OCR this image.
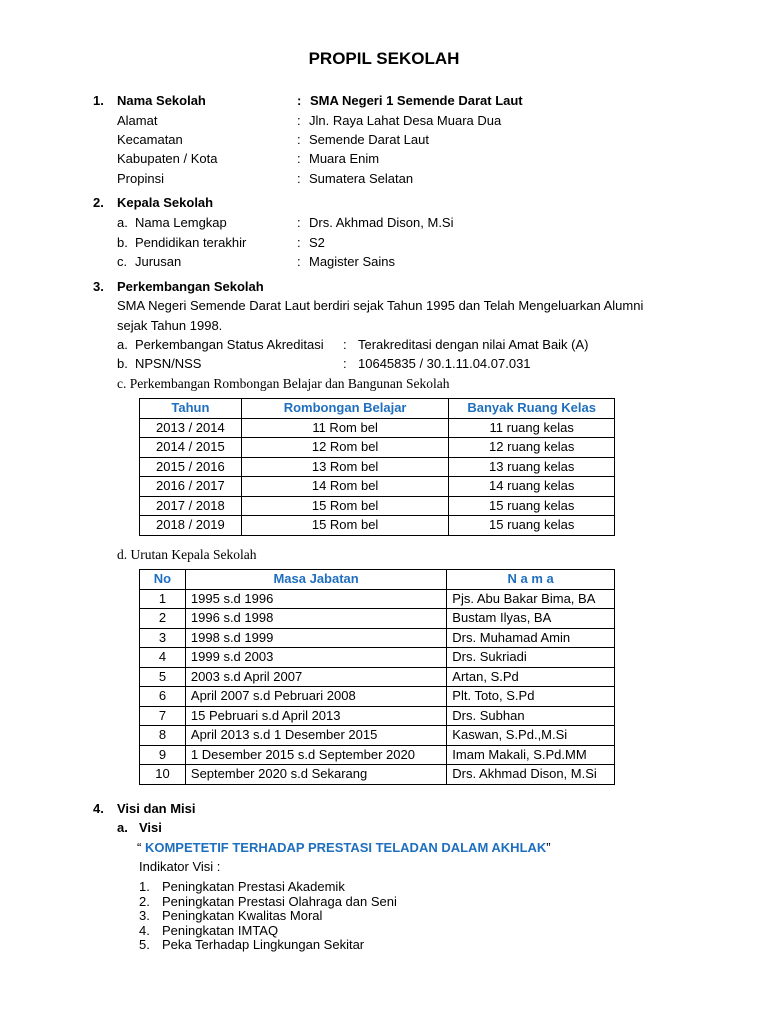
PROPIL SEKOLAH
1. Nama Sekolah	: SMA Negeri 1 Semende Darat Laut
Alamat	: Jln. Raya Lahat Desa Muara Dua
Kecamatan	: Semende Darat Laut
Kabupaten / Kota	: Muara Enim
Propinsi	: Sumatera Selatan
2. Kepala Sekolah
a. Nama Lemgkap	: Drs. Akhmad Dison, M.Si
b. Pendidikan terakhir	: S2
c. Jurusan	: Magister Sains
3. Perkembangan Sekolah
SMA Negeri Semende Darat Laut berdiri sejak Tahun 1995 dan Telah Mengeluarkan Alumni
sejak Tahun 1998.
a. Perkembangan Status Akreditasi : Terakreditasi dengan nilai Amat Baik (A)
b. NPSN/NSS	: 10645835 / 30.1.11.04.07.031
c. Perkembangan Rombongan Belajar dan Bangunan Sekolah
Tahun	Rombongan Belajar	Banyak Ruang Kelas
2013 / 2014	11 Rom bel	11 ruang kelas
2014 / 2015	12 Rom bel	12 ruang kelas
2015 / 2016	13 Rom bel	13 ruang kelas
2016 / 2017	14 Rom bel	14 ruang kelas
2017 / 2018	15 Rom bel	15 ruang kelas
2018 / 2019	15 Rom bel	15 ruang kelas
d. Urutan Kepala Sekolah
No	Masa Jabatan	N a m a
1	1995 s.d 1996	Pjs. Abu Bakar Bima, BA
2	1996 s.d 1998	Bustam Ilyas, BA
3	1998 s.d 1999	Drs. Muhamad Amin
4	1999 s.d 2003	Drs. Sukriadi
5	2003 s.d April 2007	Artan, S.Pd
6	April 2007 s.d Pebruari 2008	Plt. Toto, S.Pd
7	15 Pebruari s.d April 2013	Drs. Subhan
8	April 2013 s.d 1 Desember 2015	Kaswan, S.Pd.,M.Si
9	1 Desember 2015 s.d September 2020	Imam Makali, S.Pd.MM
10	September 2020 s.d Sekarang	Drs. Akhmad Dison, M.Si
4. Visi dan Misi
a. Visi
“ KOMPETETIF TERHADAP PRESTASI TELADAN DALAM AKHLAK”
Indikator Visi :
1. Peningkatan Prestasi Akademik
2. Peningkatan Prestasi Olahraga dan Seni
3. Peningkatan Kwalitas Moral
4. Peningkatan IMTAQ
5. Peka Terhadap Lingkungan Sekitar
